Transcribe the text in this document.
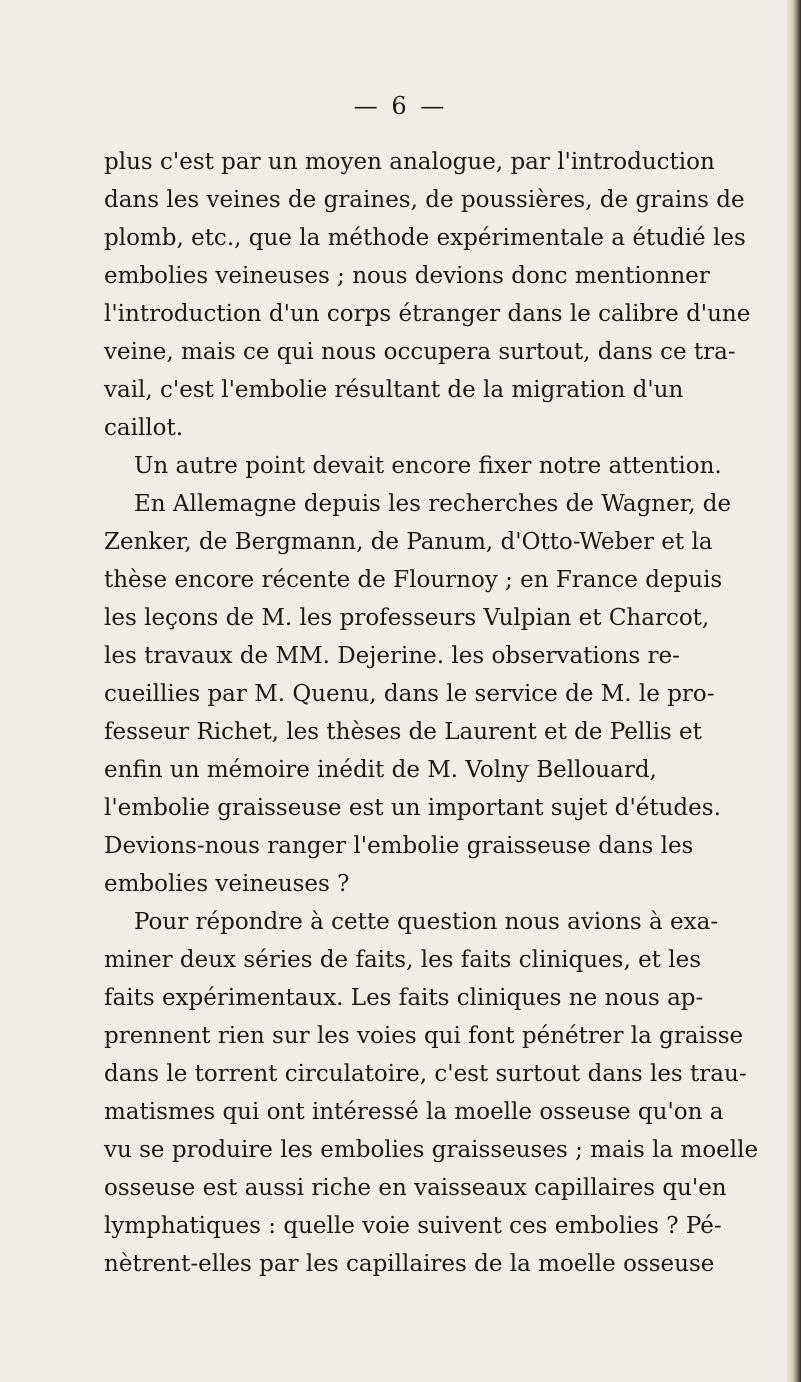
— 6 —
plus c'est par un moyen analogue, par l'introduction
dans les veines de graines, de poussières, de grains de
plomb, etc., que la méthode expérimentale a étudié les
embolies veineuses ; nous devions donc mentionner
l'introduction d'un corps étranger dans le calibre d'une
veine, mais ce qui nous occupera surtout, dans ce tra-
vail, c'est l'embolie résultant de la migration d'un
caillot.
Un autre point devait encore fixer notre attention.
En Allemagne depuis les recherches de Wagner, de
Zenker, de Bergmann, de Panum, d'Otto-Weber et la
thèse encore récente de Flournoy ; en France depuis
les leçons de M. les professeurs Vulpian et Charcot,
les travaux de MM. Dejerine. les observations re-
cueillies par M. Quenu, dans le service de M. le pro-
fesseur Richet, les thèses de Laurent et de Pellis et
enfin un mémoire inédit de M. Volny Bellouard,
l'embolie graisseuse est un important sujet d'études.
Devions-nous ranger l'embolie graisseuse dans les
embolies veineuses ?
Pour répondre à cette question nous avions à exa-
miner deux séries de faits, les faits cliniques, et les
faits expérimentaux. Les faits cliniques ne nous ap-
prennent rien sur les voies qui font pénétrer la graisse
dans le torrent circulatoire, c'est surtout dans les trau-
matismes qui ont intéressé la moelle osseuse qu'on a
vu se produire les embolies graisseuses ; mais la moelle
osseuse est aussi riche en vaisseaux capillaires qu'en
lymphatiques : quelle voie suivent ces embolies ? Pé-
nètrent-elles par les capillaires de la moelle osseuse
